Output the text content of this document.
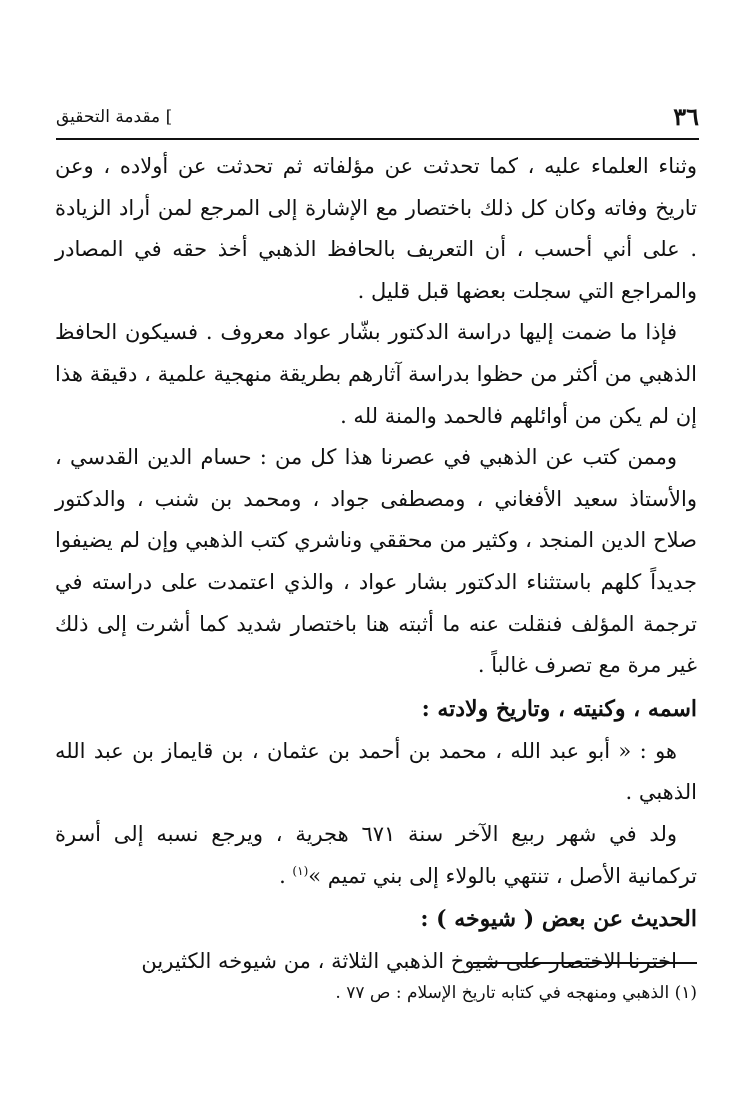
٣٦
] مقدمة التحقيق

وثناء العلماء عليه ، كما تحدثت عن مؤلفاته ثم تحدثت عن أولاده ، وعن تاريخ وفاته وكان كل ذلك باختصار مع الإشارة إلى المرجع لمن أراد الزيادة . على أني أحسب ، أن التعريف بالحافظ الذهبي أخذ حقه في المصادر والمراجع التي سجلت بعضها قبل قليل .

فإذا ما ضمت إليها دراسة الدكتور بشّار عواد معروف . فسيكون الحافظ الذهبي من أكثر من حظوا بدراسة آثارهم بطريقة منهجية علمية ، دقيقة هذا إن لم يكن من أوائلهم فالحمد والمنة لله .

وممن كتب عن الذهبي في عصرنا هذا كل من : حسام الدين القدسي ، والأستاذ سعيد الأفغاني ، ومصطفى جواد ، ومحمد بن شنب ، والدكتور صلاح الدين المنجد ، وكثير من محققي وناشري كتب الذهبي وإن لم يضيفوا جديداً كلهم باستثناء الدكتور بشار عواد ، والذي اعتمدت على دراسته في ترجمة المؤلف فنقلت عنه ما أثبته هنا باختصار شديد كما أشرت إلى ذلك غير مرة مع تصرف غالباً .

اسمه ، وكنيته ، وتاريخ ولادته :

هو : « أبو عبد الله ، محمد بن أحمد بن عثمان ، بن قايماز بن عبد الله الذهبي .

ولد في شهر ربيع الآخر سنة ٦٧١ هجرية ، ويرجع نسبه إلى أسرة تركمانية الأصل ، تنتهي بالولاء إلى بني تميم »$^{(١)}$ .

الحديث عن بعض ( شيوخه ) :

اخترنا الاختصار على شيوخ الذهبي الثلاثة ، من شيوخه الكثيرين

(١) الذهبي ومنهجه في كتابه تاريخ الإسلام : ص ٧٧ .
